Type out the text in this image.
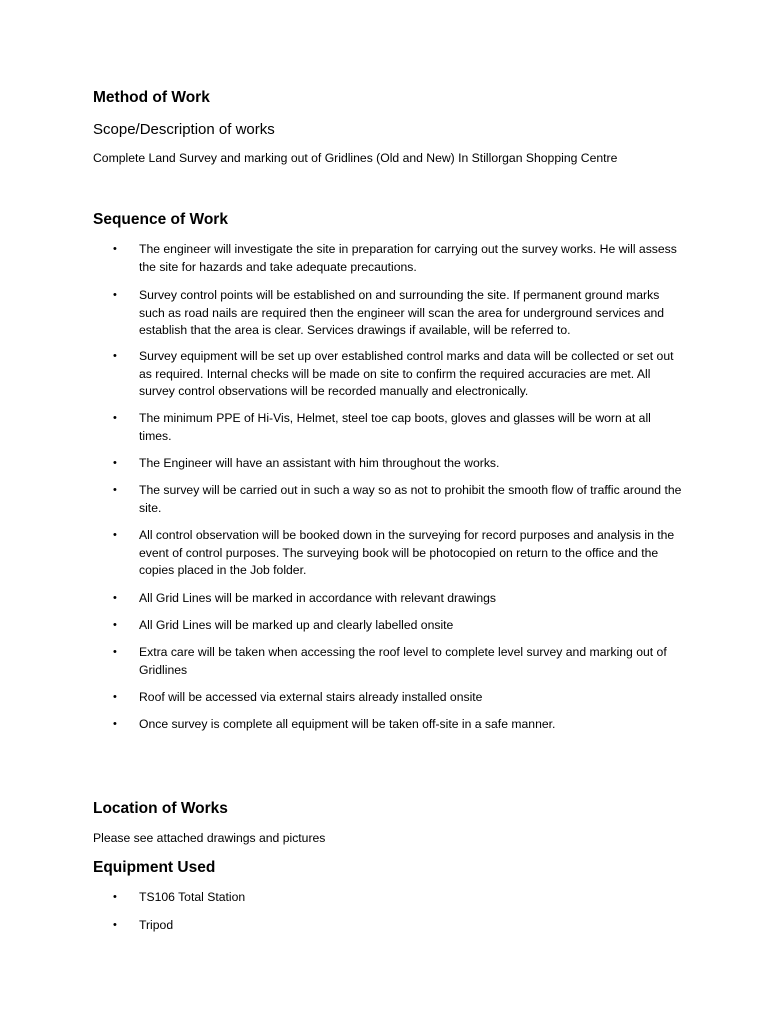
Method of Work
Scope/Description of works

Complete Land Survey and marking out of Gridlines (Old and New) In Stillorgan Shopping Centre

Sequence of Work
• The engineer will investigate the site in preparation for carrying out the survey works. He will assess the site for hazards and take adequate precautions.

• Survey control points will be established on and surrounding the site. If permanent ground marks such as road nails are required then the engineer will scan the area for underground services and establish that the area is clear. Services drawings if available, will be referred to.

• Survey equipment will be set up over established control marks and data will be collected or set out as required. Internal checks will be made on site to confirm the required accuracies are met. All survey control observations will be recorded manually and electronically.

• The minimum PPE of Hi-Vis, Helmet, steel toe cap boots, gloves and glasses will be worn at all times.

• The Engineer will have an assistant with him throughout the works.

• The survey will be carried out in such a way so as not to prohibit the smooth flow of traffic around the site.

• All control observation will be booked down in the surveying for record purposes and analysis in the event of control purposes. The surveying book will be photocopied on return to the office and the copies placed in the Job folder.

• All Grid Lines will be marked in accordance with relevant drawings

• All Grid Lines will be marked up and clearly labelled onsite

• Extra care will be taken when accessing the roof level to complete level survey and marking out of Gridlines

• Roof will be accessed via external stairs already installed onsite

• Once survey is complete all equipment will be taken off-site in a safe manner.

Location of Works

Please see attached drawings and pictures

Equipment Used
• TS106 Total Station

• Tripod
